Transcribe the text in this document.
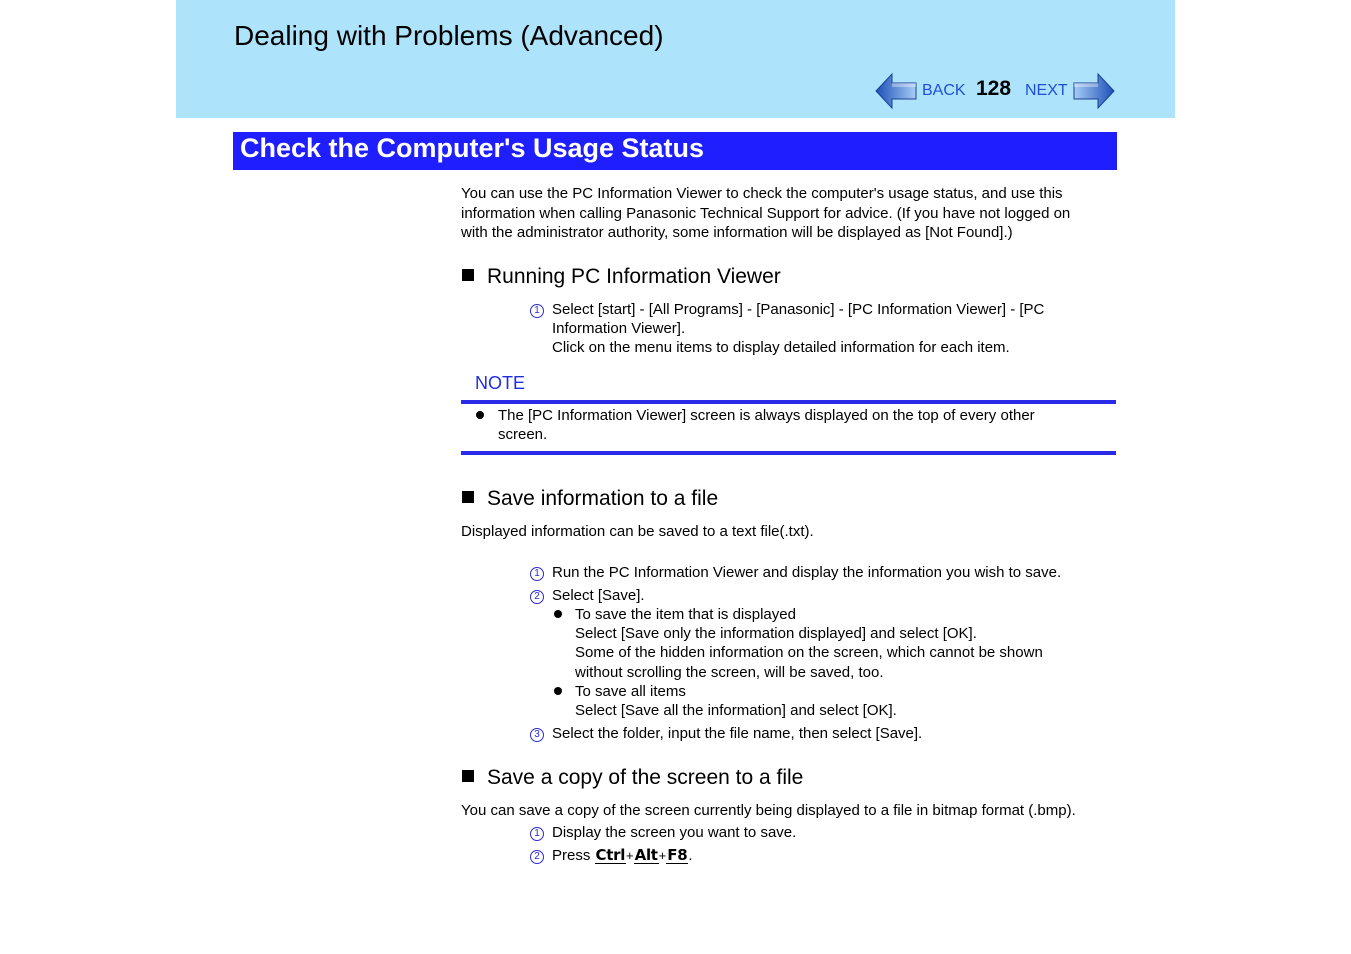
Dealing with Problems (Advanced)
BACK 128 NEXT
Check the Computer's Usage Status

You can use the PC Information Viewer to check the computer's usage status, and use this

information when calling Panasonic Technical Support for advice. (If you have not logged on

with the administrator authority, some information will be displayed as [Not Found].)

Running PC Information Viewer
1 Select [start] - [All Programs] - [Panasonic] - [PC Information Viewer] - [PC
Information Viewer].
Click on the menu items to display detailed information for each item.

NOTE

The [PC Information Viewer] screen is always displayed on the top of every other
screen.
Save information to a file

Displayed information can be saved to a text file(.txt).

1 Run the PC Information Viewer and display the information you wish to save.
2 Select [Save].
To save the item that is displayed
Select [Save only the information displayed] and select [OK].
Some of the hidden information on the screen, which cannot be shown
without scrolling the screen, will be saved, too.
To save all items
Select [Save all the information] and select [OK].
3 Select the folder, input the file name, then select [Save].
Save a copy of the screen to a file

You can save a copy of the screen currently being displayed to a file in bitmap format (.bmp).

1 Display the screen you want to save.
2 Press Ctrl+Alt+F8.
